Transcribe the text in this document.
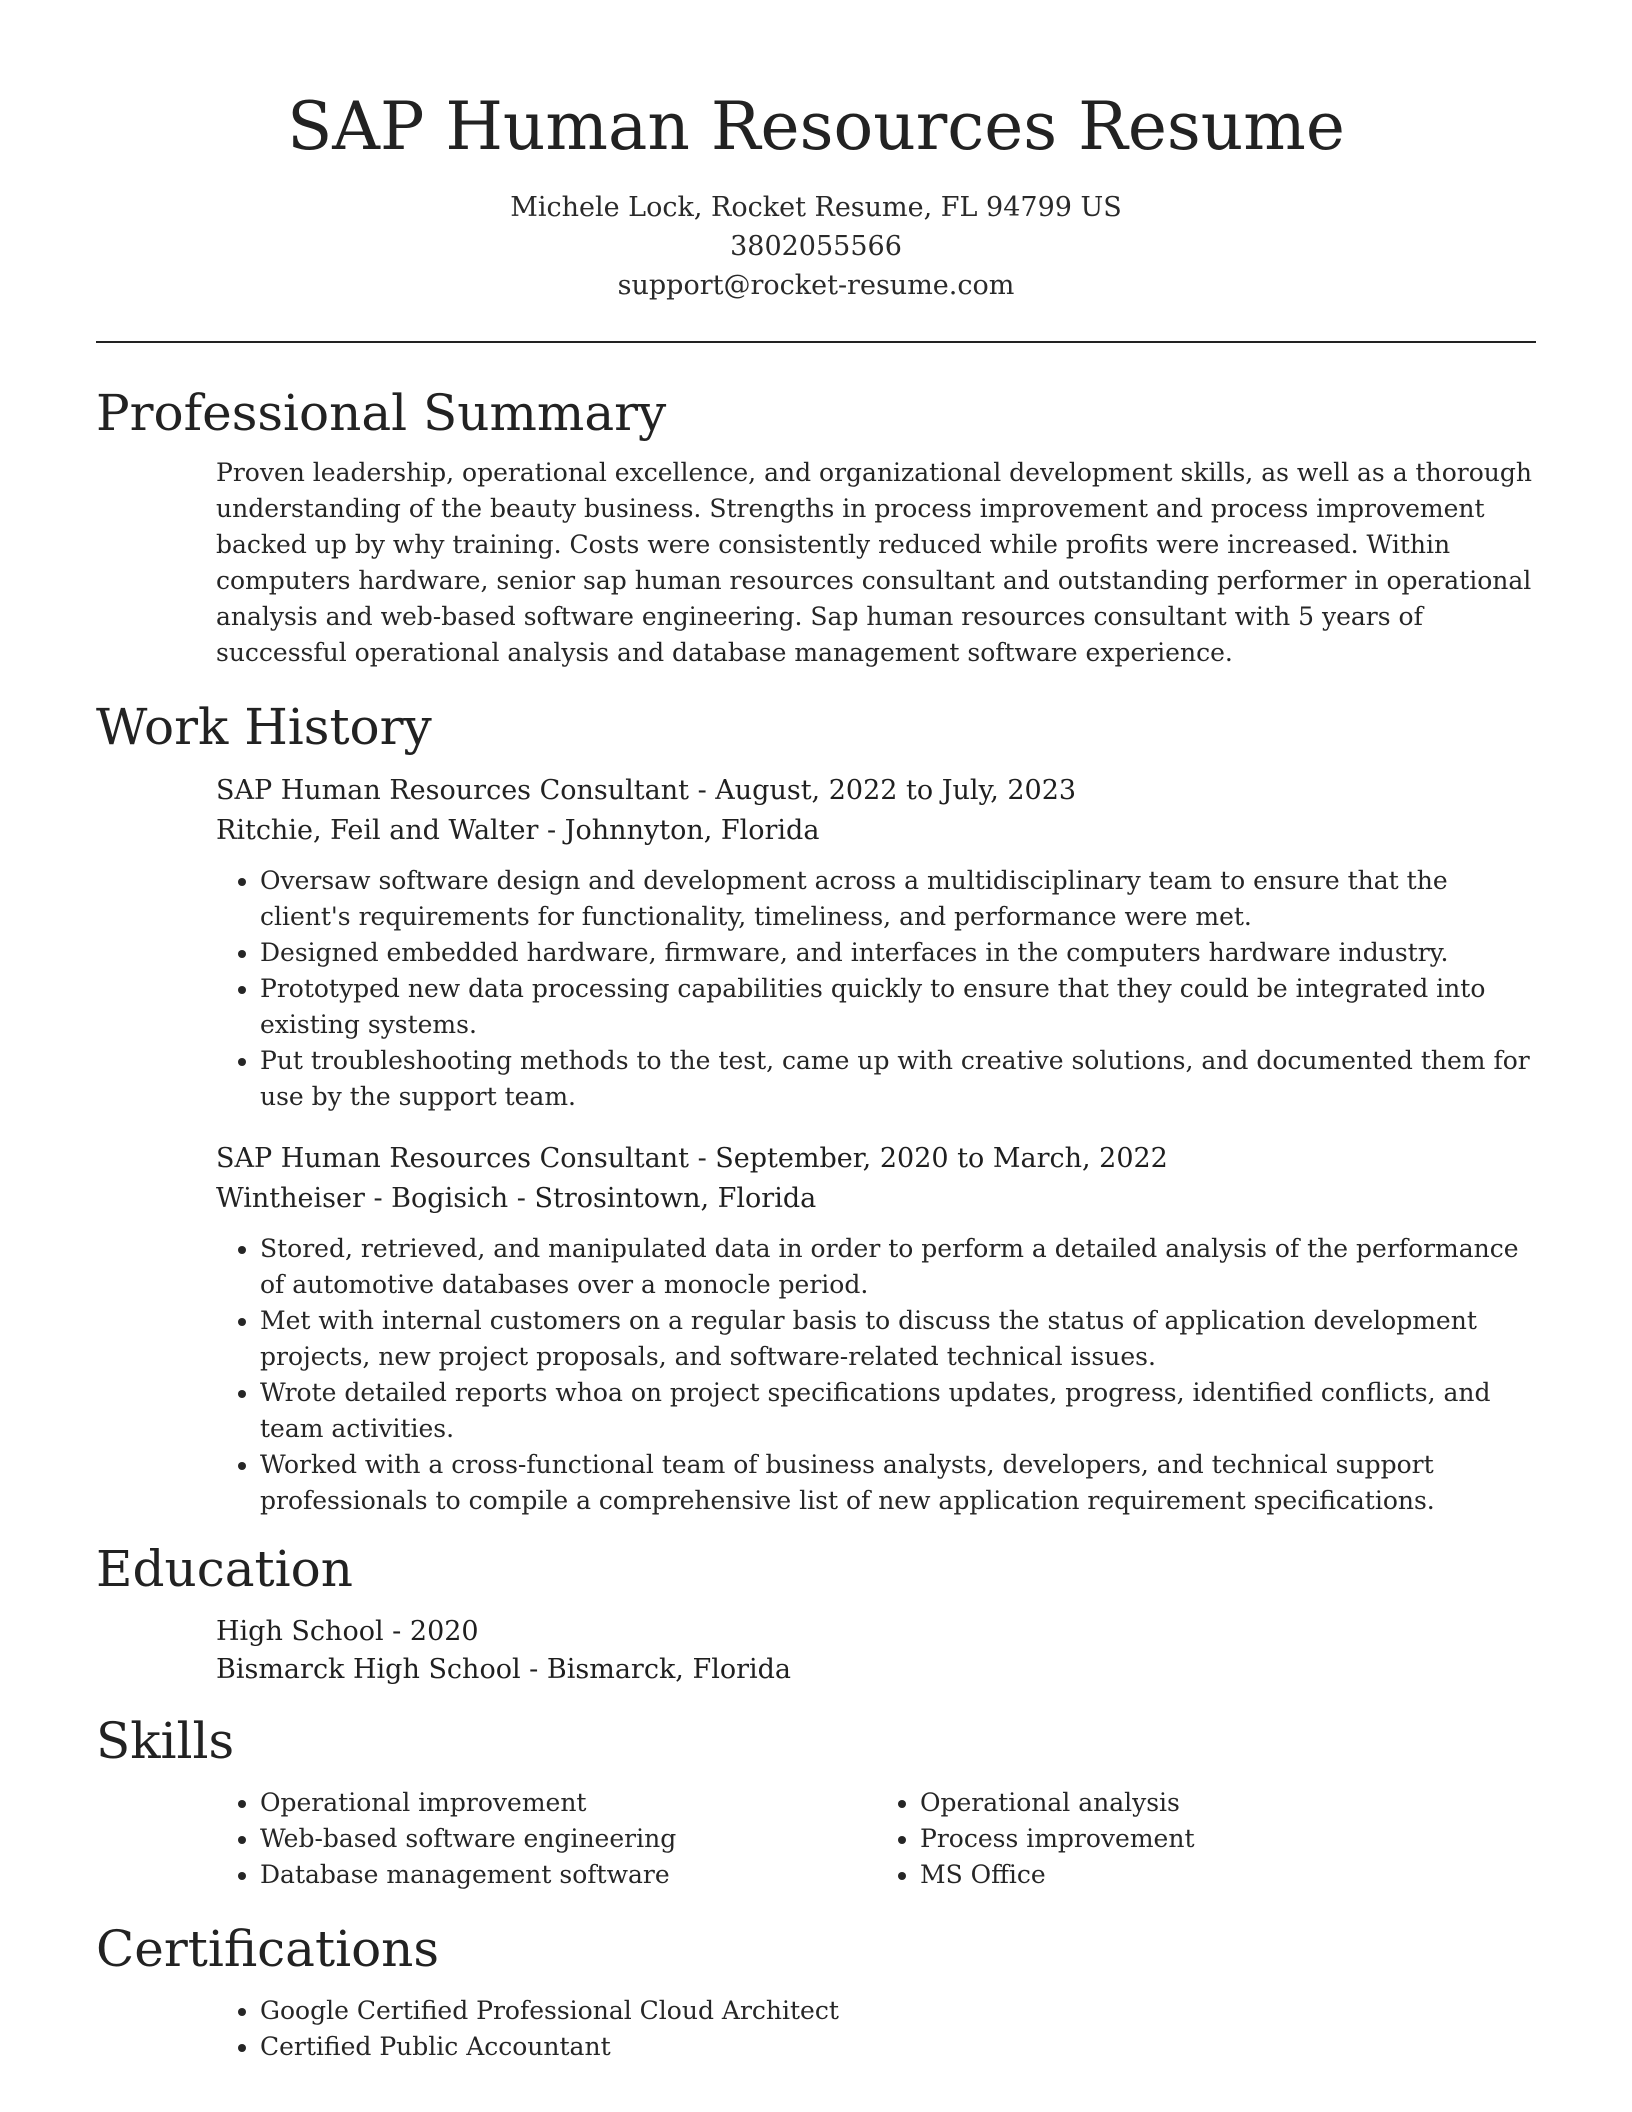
SAP Human Resources Resume
Michele Lock, Rocket Resume, FL 94799 US
3802055566
support@rocket-resume.com
Professional Summary
Proven leadership, operational excellence, and organizational development skills, as well as a thorough understanding of the beauty business. Strengths in process improvement and process improvement backed up by why training. Costs were consistently reduced while profits were increased. Within computers hardware, senior sap human resources consultant and outstanding performer in operational analysis and web-based software engineering. Sap human resources consultant with 5 years of successful operational analysis and database management software experience.
Work History
SAP Human Resources Consultant - August, 2022 to July, 2023
Ritchie, Feil and Walter - Johnnyton, Florida
• Oversaw software design and development across a multidisciplinary team to ensure that the client's requirements for functionality, timeliness, and performance were met.
• Designed embedded hardware, firmware, and interfaces in the computers hardware industry.
• Prototyped new data processing capabilities quickly to ensure that they could be integrated into existing systems.
• Put troubleshooting methods to the test, came up with creative solutions, and documented them for use by the support team.
SAP Human Resources Consultant - September, 2020 to March, 2022
Wintheiser - Bogisich - Strosintown, Florida
• Stored, retrieved, and manipulated data in order to perform a detailed analysis of the performance of automotive databases over a monocle period.
• Met with internal customers on a regular basis to discuss the status of application development projects, new project proposals, and software-related technical issues.
• Wrote detailed reports whoa on project specifications updates, progress, identified conflicts, and team activities.
• Worked with a cross-functional team of business analysts, developers, and technical support professionals to compile a comprehensive list of new application requirement specifications.
Education
High School - 2020
Bismarck High School - Bismarck, Florida
Skills
• Operational improvement
• Web-based software engineering
• Database management software
• Operational analysis
• Process improvement
• MS Office
Certifications
• Google Certified Professional Cloud Architect
• Certified Public Accountant
